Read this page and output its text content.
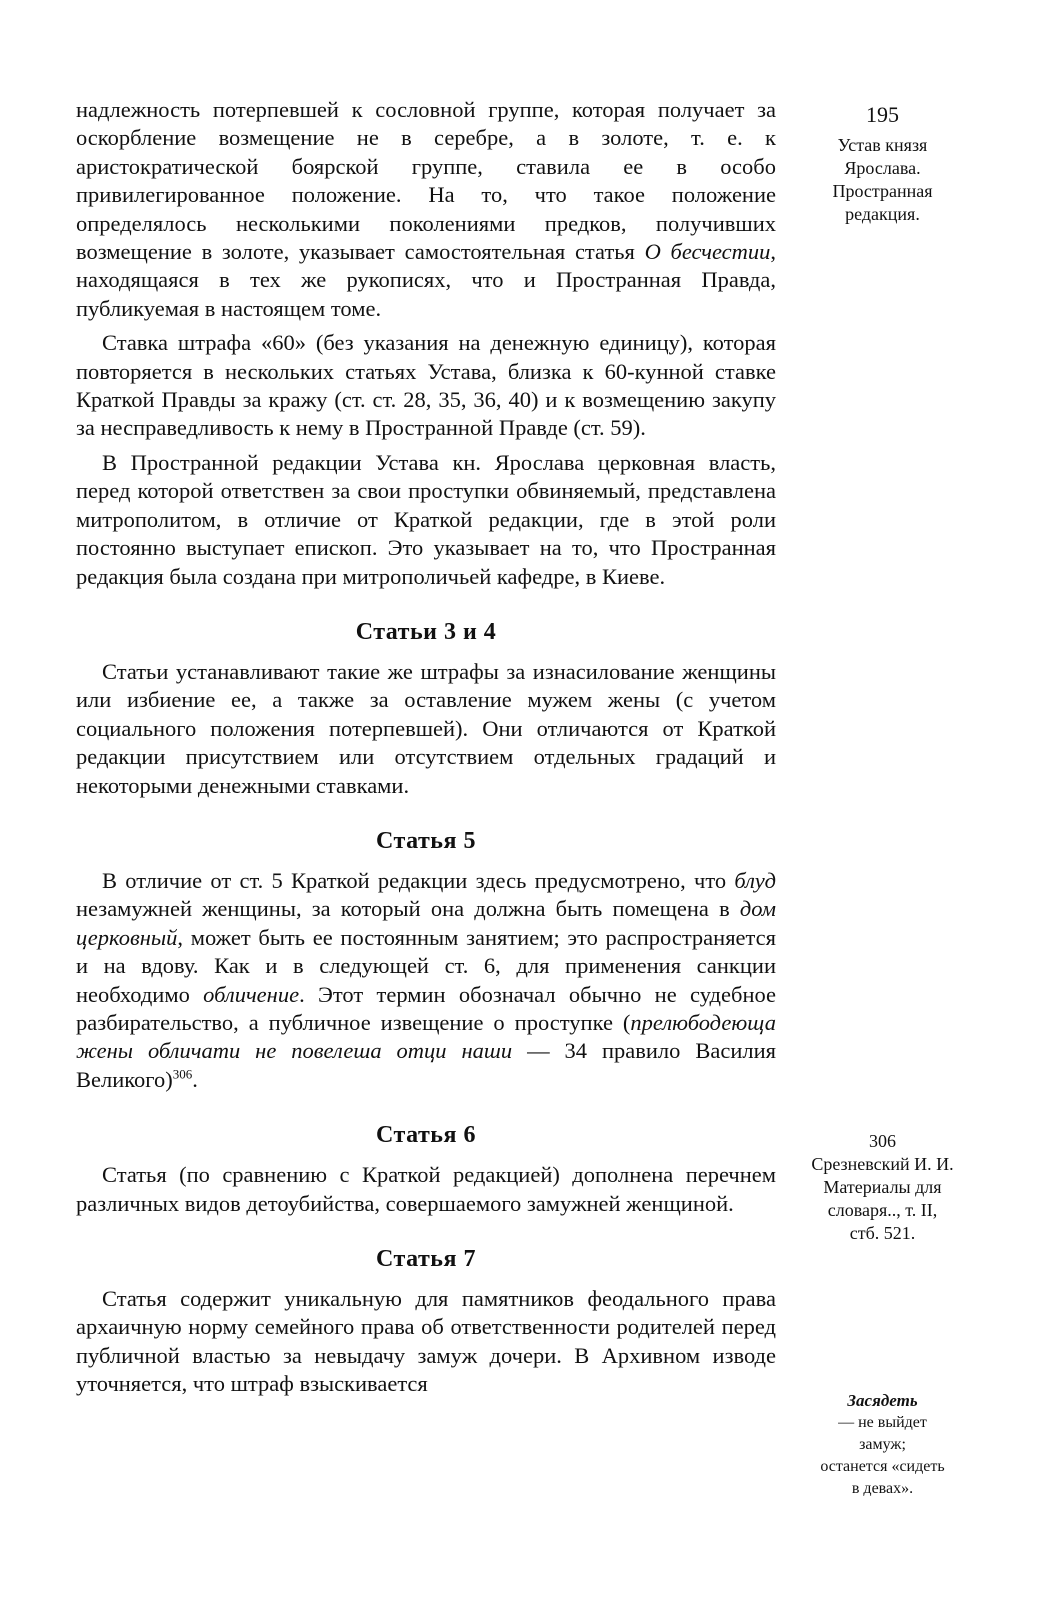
надлежность потерпевшей к сословной группе, которая получает за оскорбление возмещение не в серебре, а в золоте, т. е. к аристократической боярской группе, ставила ее в особо привилегированное положение. На то, что такое положение определялось несколькими поколениями предков, получивших возмещение в золоте, указывает самостоятельная статья О бесчестии, находящаяся в тех же рукописях, что и Пространная Правда, публикуемая в настоящем томе.

Ставка штрафа «60» (без указания на денежную единицу), которая повторяется в нескольких статьях Устава, близка к 60-кунной ставке Краткой Правды за кражу (ст. ст. 28, 35, 36, 40) и к возмещению закупу за несправедливость к нему в Пространной Правде (ст. 59).

В Пространной редакции Устава кн. Ярослава церковная власть, перед которой ответствен за свои проступки обвиняемый, представлена митрополитом, в отличие от Краткой редакции, где в этой роли постоянно выступает епископ. Это указывает на то, что Пространная редакция была создана при митрополичьей кафедре, в Киеве.

Статьи 3 и 4

Статьи устанавливают такие же штрафы за изнасилование женщины или избиение ее, а также за оставление мужем жены (с учетом социального положения потерпевшей). Они отличаются от Краткой редакции присутствием или отсутствием отдельных градаций и некоторыми денежными ставками.

Статья 5

В отличие от ст. 5 Краткой редакции здесь предусмотрено, что блуд незамужней женщины, за который она должна быть помещена в дом церковный, может быть ее постоянным занятием; это распространяется и на вдову. Как и в следующей ст. 6, для применения санкции необходимо обличение. Этот термин обозначал обычно не судебное разбирательство, а публичное извещение о проступке (прелюбодеюща жены обличати не повелеша отци наши — 34 правило Василия Великого)$^{306}$.

Статья 6

Статья (по сравнению с Краткой редакцией) дополнена перечнем различных видов детоубийства, совершаемого замужней женщиной.

Статья 7

Статья содержит уникальную для памятников феодального права архаичную норму семейного права об ответственности родителей перед публичной властью за невыдачу замуж дочери. В Архивном изводе уточняется, что штраф взыскивается

195
Устав князя
Ярослава.
Пространная
редакция.
306
Срезневский И. И.
Материалы для
словаря.., т. II,
стб. 521.
Засядеть
— не выйдет
замуж;
останется «сидеть
в девах».
